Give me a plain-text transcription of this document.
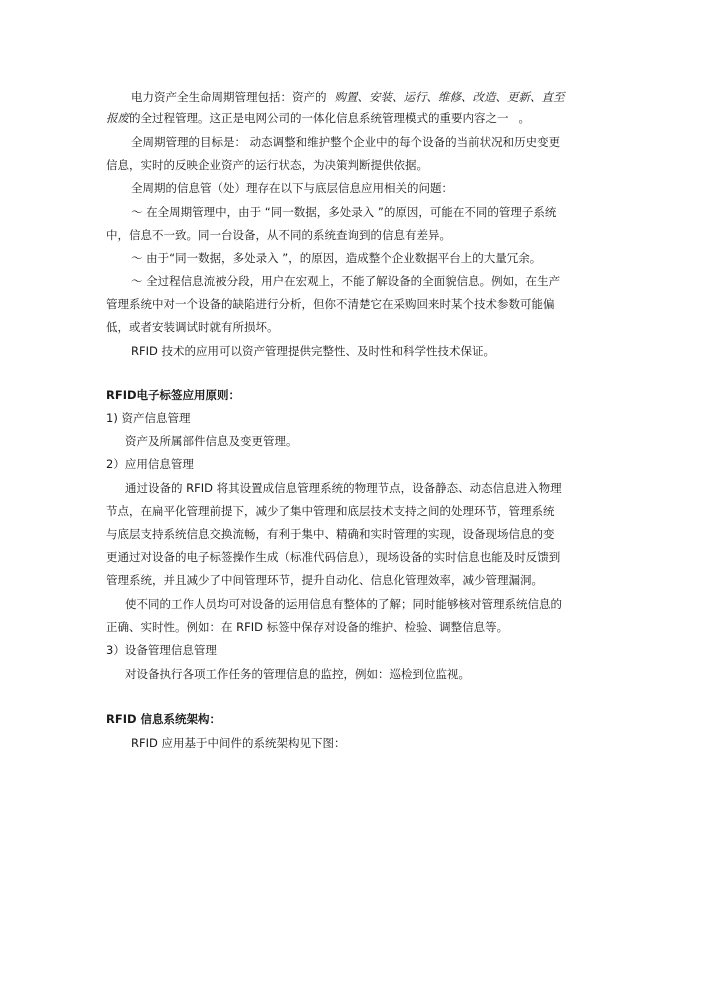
电力资产全生命周期管理包括：资产的 购置、安装、运行、维修、改造、更新、直至
报废的全过程管理。这正是电网公司的一体化信息系统管理模式的重要内容之一 。
全周期管理的目标是： 动态调整和维护整个企业中的每个设备的当前状况和历史变更
信息，实时的反映企业资产的运行状态，为决策判断提供依据。
全周期的信息管（处）理存在以下与底层信息应用相关的问题：
～ 在全周期管理中，由于 “同一数据，多处录入 ”的原因，可能在不同的管理子系统
中，信息不一致。同一台设备，从不同的系统查询到的信息有差异。
～ 由于“同一数据，多处录入 ”，的原因，造成整个企业数据平台上的大量冗余。
～ 全过程信息流被分段，用户在宏观上，不能了解设备的全面貌信息。例如，在生产
管理系统中对一个设备的缺陷进行分析，但你不清楚它在采购回来时某个技术参数可能偏
低，或者安装调试时就有所损坏。
RFID 技术的应用可以资产管理提供完整性、及时性和科学性技术保证。
RFID电子标签应用原则：
1) 资产信息管理
资产及所属部件信息及变更管理。
2）应用信息管理
通过设备的 RFID 将其设置成信息管理系统的物理节点，设备静态、动态信息进入物理
节点，在扁平化管理前提下，减少了集中管理和底层技术支持之间的处理环节，管理系统
与底层支持系统信息交换流畅，有利于集中、精确和实时管理的实现，设备现场信息的变
更通过对设备的电子标签操作生成（标准代码信息），现场设备的实时信息也能及时反馈到
管理系统，并且减少了中间管理环节，提升自动化、信息化管理效率，减少管理漏洞。
使不同的工作人员均可对设备的运用信息有整体的了解；同时能够核对管理系统信息的
正确、实时性。例如：在 RFID 标签中保存对设备的维护、检验、调整信息等。
3）设备管理信息管理
对设备执行各项工作任务的管理信息的监控，例如：巡检到位监视。
RFID 信息系统架构：
RFID 应用基于中间件的系统架构见下图：
